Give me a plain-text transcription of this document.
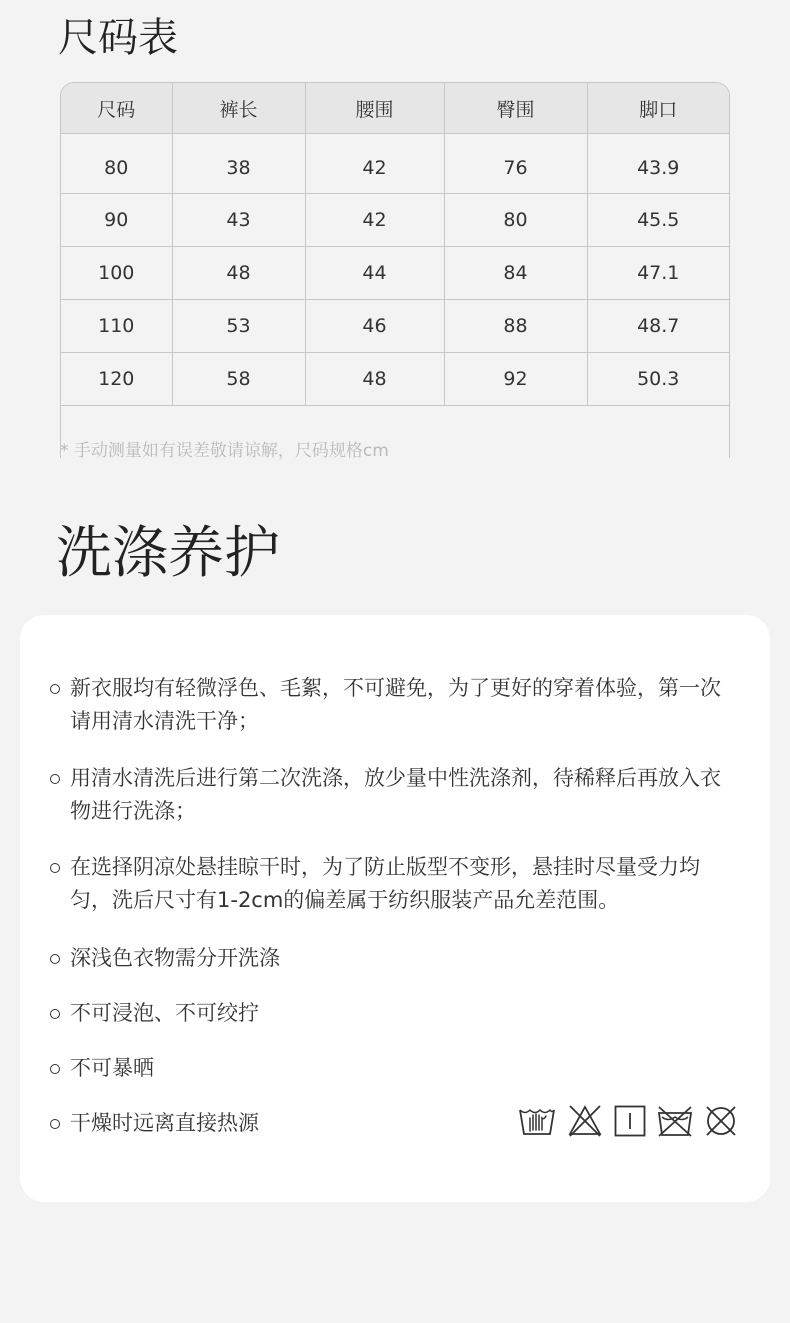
尺码表
尺码	裤长	腰围	臀围	脚口
80	38	42	76	43.9
90	43	42	80	45.5
100	48	44	84	47.1
110	53	46	88	48.7
120	58	48	92	50.3

* 手动测量如有误差敬请谅解，尺码规格cm

洗涤养护
新衣服均有轻微浮色、毛絮，不可避免，为了更好的穿着体验，第一次请用清水清洗干净；
用清水清洗后进行第二次洗涤，放少量中性洗涤剂，待稀释后再放入衣物进行洗涤；
在选择阴凉处悬挂晾干时，为了防止版型不变形，悬挂时尽量受力均匀，洗后尺寸有1-2cm的偏差属于纺织服装产品允差范围。
深浅色衣物需分开洗涤
不可浸泡、不可绞拧
不可暴晒
干燥时远离直接热源
